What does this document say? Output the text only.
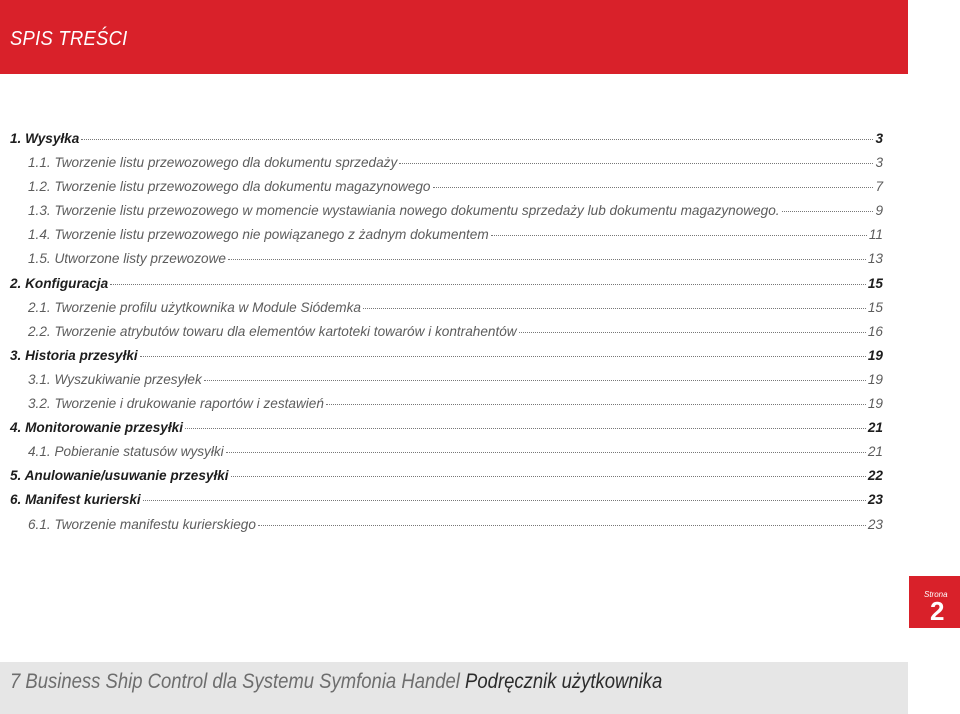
SPIS TREŚCI
1. Wysyłka	3
1.1. Tworzenie listu przewozowego dla dokumentu sprzedaży	3
1.2. Tworzenie listu przewozowego dla dokumentu magazynowego	7
1.3. Tworzenie listu przewozowego w momencie wystawiania nowego dokumentu sprzedaży lub dokumentu magazynowego.	9
1.4. Tworzenie listu przewozowego nie powiązanego z żadnym dokumentem	11
1.5. Utworzone listy przewozowe	13
2. Konfiguracja	15
2.1. Tworzenie profilu użytkownika w Module Siódemka	15
2.2. Tworzenie atrybutów towaru dla elementów kartoteki towarów i kontrahentów	16
3. Historia przesyłki	19
3.1. Wyszukiwanie przesyłek	19
3.2. Tworzenie i drukowanie raportów i zestawień	19
4. Monitorowanie przesyłki	21
4.1. Pobieranie statusów wysyłki	21
5. Anulowanie/usuwanie przesyłki	22
6. Manifest kurierski	23
6.1. Tworzenie manifestu kurierskiego	23
Strona
2
7 Business Ship Control dla Systemu Symfonia Handel Podręcznik użytkownika
